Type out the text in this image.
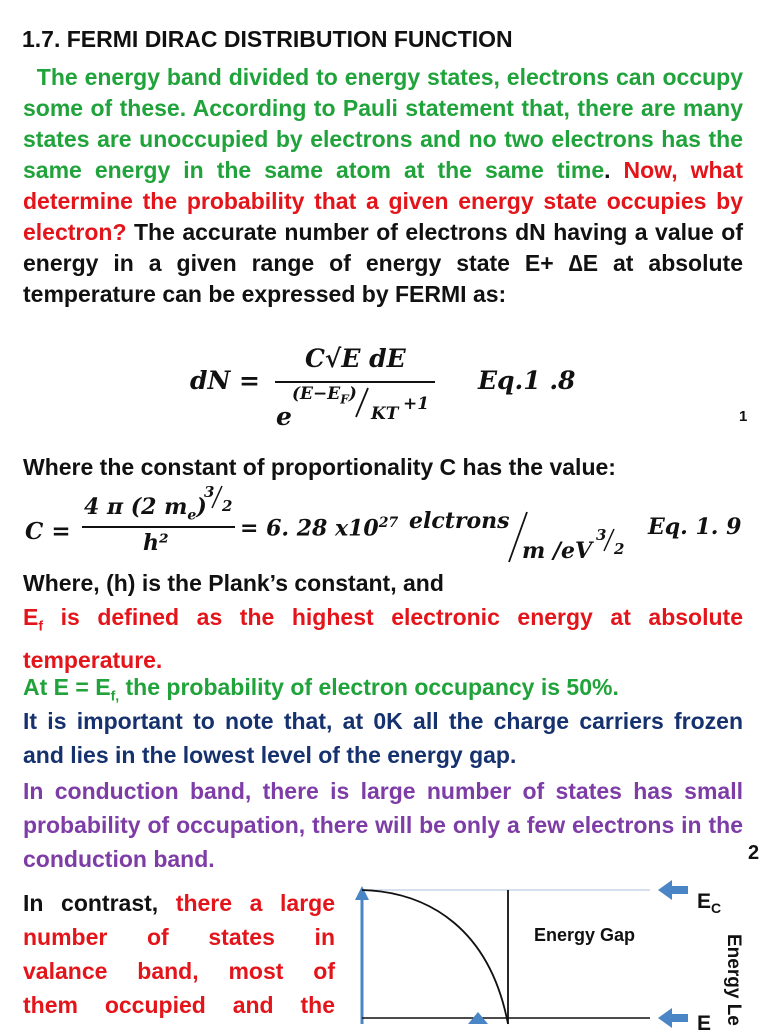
1.7. FERMI DIRAC DISTRIBUTION FUNCTION
The energy band divided to energy states, electrons can occupy some of these. According to Pauli statement that, there are many states are unoccupied by electrons and no two electrons has the same energy in the same atom at the same time. Now, what determine the probability that a given energy state occupies by electron? The accurate number of electrons dN having a value of energy in a given range of energy state E+ ∆E at absolute temperature can be expressed by FERMI as:
dN =
C√E dE
e
$(E-E_F)$
KT +1
Eq.1 .8
1
Where the constant of proportionality C has the value:
C =
4 π (2 $m_e$)
3
2
h²
= 6. 28 $x10^{27}$ elctrons
m /eV
3
2
Eq. 1. 9
Where, (h) is the Plank’s constant, and
$E_f$ is defined as the highest electronic energy at absolute temperature.
At $E = E_{f,}$ the probability of electron occupancy is 50%.
It is important to note that, at 0K all the charge carriers frozen and lies in the lowest level of the energy gap.
In conduction band, there is large number of states has small probability of occupation, there will be only a few electrons in the conduction band.	2
In contrast, there a large
number of states in
valance band, most of
them occupied and the
Energy Gap
$E_C$
E Energy Le
